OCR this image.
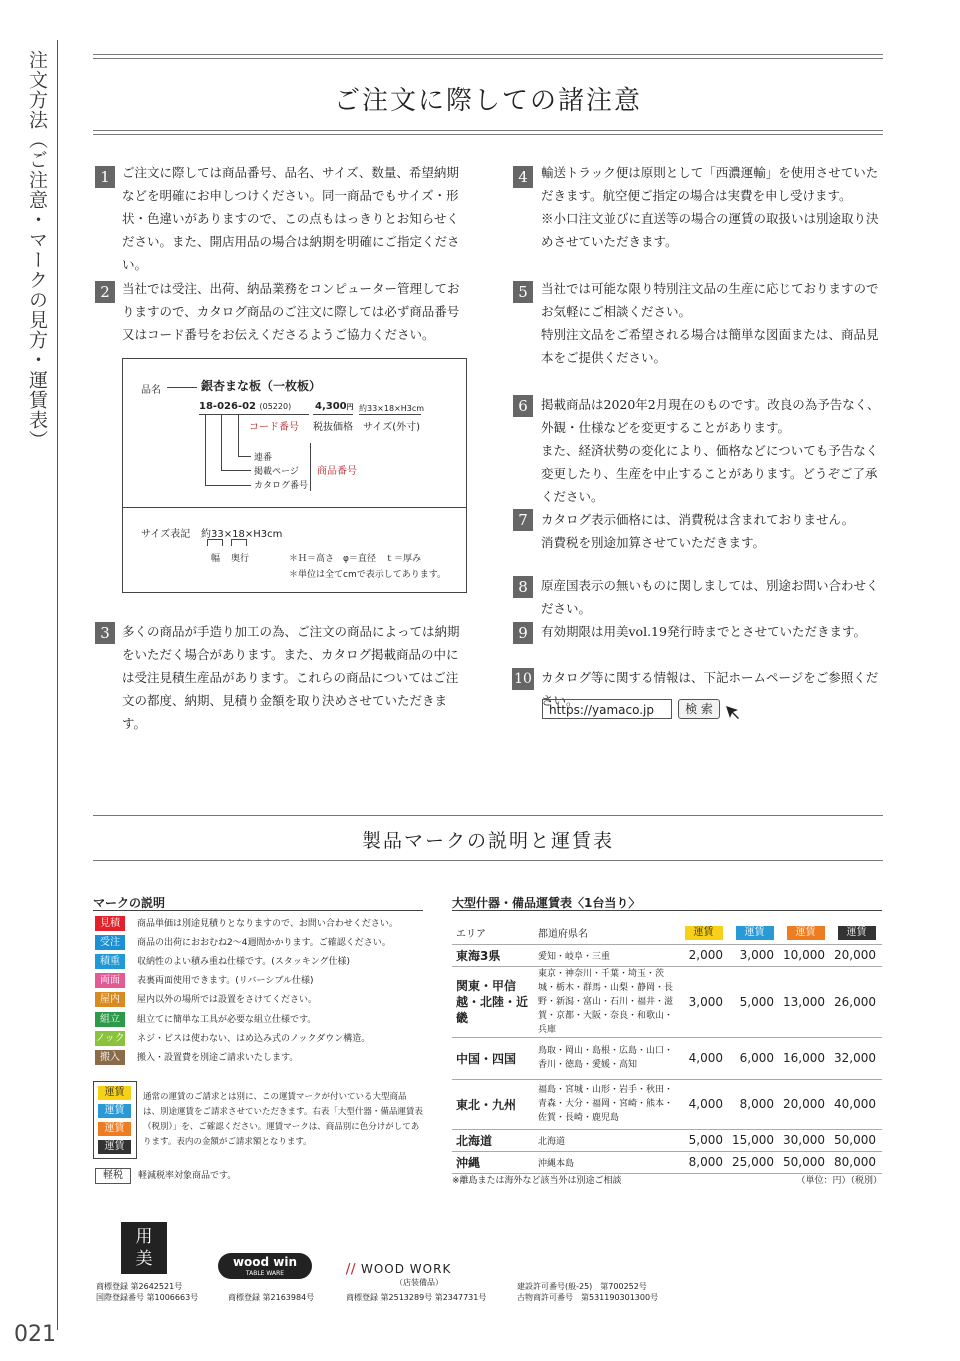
注文方法（ご注意・マークの見方・運賃表）
021
ご注文に際しての諸注意
1 ご注文に際しては商品番号、品名、サイズ、数量、希望納期などを明確にお申しつけください。同一商品でもサイズ・形状・色違いがありますので、この点もはっきりとお知らせください。また、開店用品の場合は納期を明確にご指定ください。

2 当社では受注、出荷、納品業務をコンピューター管理しておりますので、カタログ商品のご注文に際しては必ず商品番号又はコード番号をお伝えくださるようご協力ください。

品名	銀杏まな板（一枚板）
18-026-02 (05220) 4,300円 約33×18×H3cm
コード番号 税抜価格 サイズ(外寸)
連番
掲載ページ
カタログ番号
商品番号
サイズ表記 約33×18×H3cm
幅 奥行	＊Ｈ＝高さ　φ＝直径　ｔ＝厚み
＊単位は全てcmで表示してあります。
3 多くの商品が手造り加工の為、ご注文の商品によっては納期をいただく場合があります。また、カタログ掲載商品の中には受注見積生産品があります。これらの商品についてはご注文の都度、納期、見積り金額を取り決めさせていただきます。

4	輸送トラック便は原則として「西濃運輸」を使用させていただきます。航空便ご指定の場合は実費を申し受けます。

※小口注文並びに直送等の場合の運賃の取扱いは別途取り決めさせていただきます。

5	当社では可能な限り特別注文品の生産に応じておりますのでお気軽にご相談ください。

特別注文品をご希望される場合は簡単な図面または、商品見本をご提供ください。

6	掲載商品は2020年2月現在のものです。改良の為予告なく、外観・仕様などを変更することがあります。

また、経済状勢の変化により、価格などについても予告なく変更したり、生産を中止することがあります。どうぞご了承ください。

7	カタログ表示価格には、消費税は含まれておりません。

消費税を別途加算させていただきます。

8	原産国表示の無いものに関しましては、別途お問い合わせください。

9	有効期限は用美vol.19発行時までとさせていただきます。

10 カタログ等に関する情報は、下記ホームページをご参照ください。

https://yamaco.jp	検 索
製品マークの説明と運賃表
マークの説明
見積	商品単価は別途見積りとなりますので、お問い合わせください。
受注	商品の出荷におおむね2〜4週間かかります。ご確認ください。
積重	収納性のよい積み重ね仕様です。(スタッキング仕様)
両面	表裏両面使用できます。(リバーシブル仕様)
屋内	屋内以外の場所では設置をさけてください。
組立	組立てに簡単な工具が必要な組立仕様です。
ノック ネジ・ビスは使わない、はめ込み式のノックダウン構造。
搬入	搬入・設置費を別途ご請求いたします。
運賃
運賃
運賃
運賃
通常の運賃のご請求とは別に、この運賃マークが付いている大型商品は、別途運賃をご請求させていただきます。右表「大型什器・備品運賃表（税別）」を、ご確認ください。運賃マークは、商品別に色分けがしてあります。表内の金額がご請求額となります。
軽税	軽減税率対象商品です。
大型什器・備品運賃表〈1台当り〉
エリア	都道府県名	運賃	運賃	運賃	運賃
東海3県	愛知・岐阜・三重	2,000	3,000	10,000	20,000
関東・甲信越・北陸・近畿	東京・神奈川・千葉・埼玉・茨城・栃木・群馬・山梨・静岡・長野・新潟・富山・石川・福井・滋賀・京都・大阪・奈良・和歌山・兵庫	3,000	5,000	13,000	26,000
中国・四国	鳥取・岡山・島根・広島・山口・香川・徳島・愛媛・高知	4,000	6,000	16,000	32,000
東北・九州	福島・宮城・山形・岩手・秋田・青森・大分・福岡・宮崎・熊本・佐賀・長崎・鹿児島	4,000	8,000	20,000	40,000
北海道	北海道	5,000	15,000	30,000	50,000
沖縄	沖縄本島	8,000	25,000	50,000	80,000
※離島または海外など該当外は別途ご相談	（単位：円）（税別）
用美
商標登録 第2642521号
国際登録番号 第1006663号
wood win
TABLE WARE
商標登録 第2163984号
⧸⧸ WOOD WORK
（店装備品）
商標登録 第2513289号 第2347731号
建設許可番号(般-25)　第700252号
古物商許可番号　第531190301300号
